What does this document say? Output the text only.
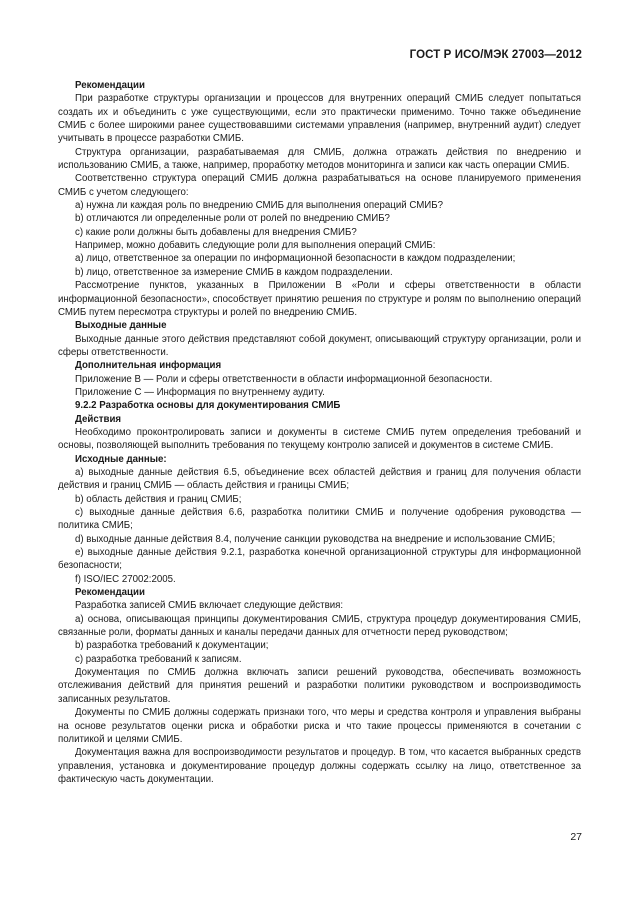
ГОСТ Р ИСО/МЭК 27003—2012

Рекомендации

При разработке структуры организации и процессов для внутренних операций СМИБ следует попытаться создать их и объединить с уже существующими, если это практически применимо. Точно также объединение СМИБ с более широкими ранее существовавшими системами управления (например, внутренний аудит) следует учитывать в процессе разработки СМИБ.

Структура организации, разрабатываемая для СМИБ, должна отражать действия по внедрению и использованию СМИБ, а также, например, проработку методов мониторинга и записи как часть операции СМИБ.

Соответственно структура операций СМИБ должна разрабатываться на основе планируемого применения СМИБ с учетом следующего:

a) нужна ли каждая роль по внедрению СМИБ для выполнения операций СМИБ?

b) отличаются ли определенные роли от ролей по внедрению СМИБ?

c) какие роли должны быть добавлены для внедрения СМИБ?

Например, можно добавить следующие роли для выполнения операций СМИБ:

a) лицо, ответственное за операции по информационной безопасности в каждом подразделении;

b) лицо, ответственное за измерение СМИБ в каждом подразделении.

Рассмотрение пунктов, указанных в Приложении В «Роли и сферы ответственности в области информационной безопасности», способствует принятию решения по структуре и ролям по выполнению операций СМИБ путем пересмотра структуры и ролей по внедрению СМИБ.

Выходные данные

Выходные данные этого действия представляют собой документ, описывающий структуру организации, роли и сферы ответственности.

Дополнительная информация

Приложение В — Роли и сферы ответственности в области информационной безопасности.

Приложение С — Информация по внутреннему аудиту.

9.2.2 Разработка основы для документирования СМИБ

Действия

Необходимо проконтролировать записи и документы в системе СМИБ путем определения требований и основы, позволяющей выполнить требования по текущему контролю записей и документов в системе СМИБ.

Исходные данные:

a) выходные данные действия 6.5, объединение всех областей действия и границ для получения области действия и границ СМИБ — область действия и границы СМИБ;

b) область действия и границ СМИБ;

c) выходные данные действия 6.6, разработка политики СМИБ и получение одобрения руководства — политика СМИБ;

d) выходные данные действия 8.4, получение санкции руководства на внедрение и использование СМИБ;

e) выходные данные действия 9.2.1, разработка конечной организационной структуры для информационной безопасности;

f) ISO/IEC 27002:2005.

Рекомендации

Разработка записей СМИБ включает следующие действия:

a) основа, описывающая принципы документирования СМИБ, структура процедур документирования СМИБ, связанные роли, форматы данных и каналы передачи данных для отчетности перед руководством;

b) разработка требований к документации;

c) разработка требований к записям.

Документация по СМИБ должна включать записи решений руководства, обеспечивать возможность отслеживания действий для принятия решений и разработки политики руководством и воспроизводимость записанных результатов.

Документы по СМИБ должны содержать признаки того, что меры и средства контроля и управления выбраны на основе результатов оценки риска и обработки риска и что такие процессы применяются в сочетании с политикой и целями СМИБ.

Документация важна для воспроизводимости результатов и процедур. В том, что касается выбранных средств управления, установка и документирование процедур должны содержать ссылку на лицо, ответственное за фактическую часть документации.

27
